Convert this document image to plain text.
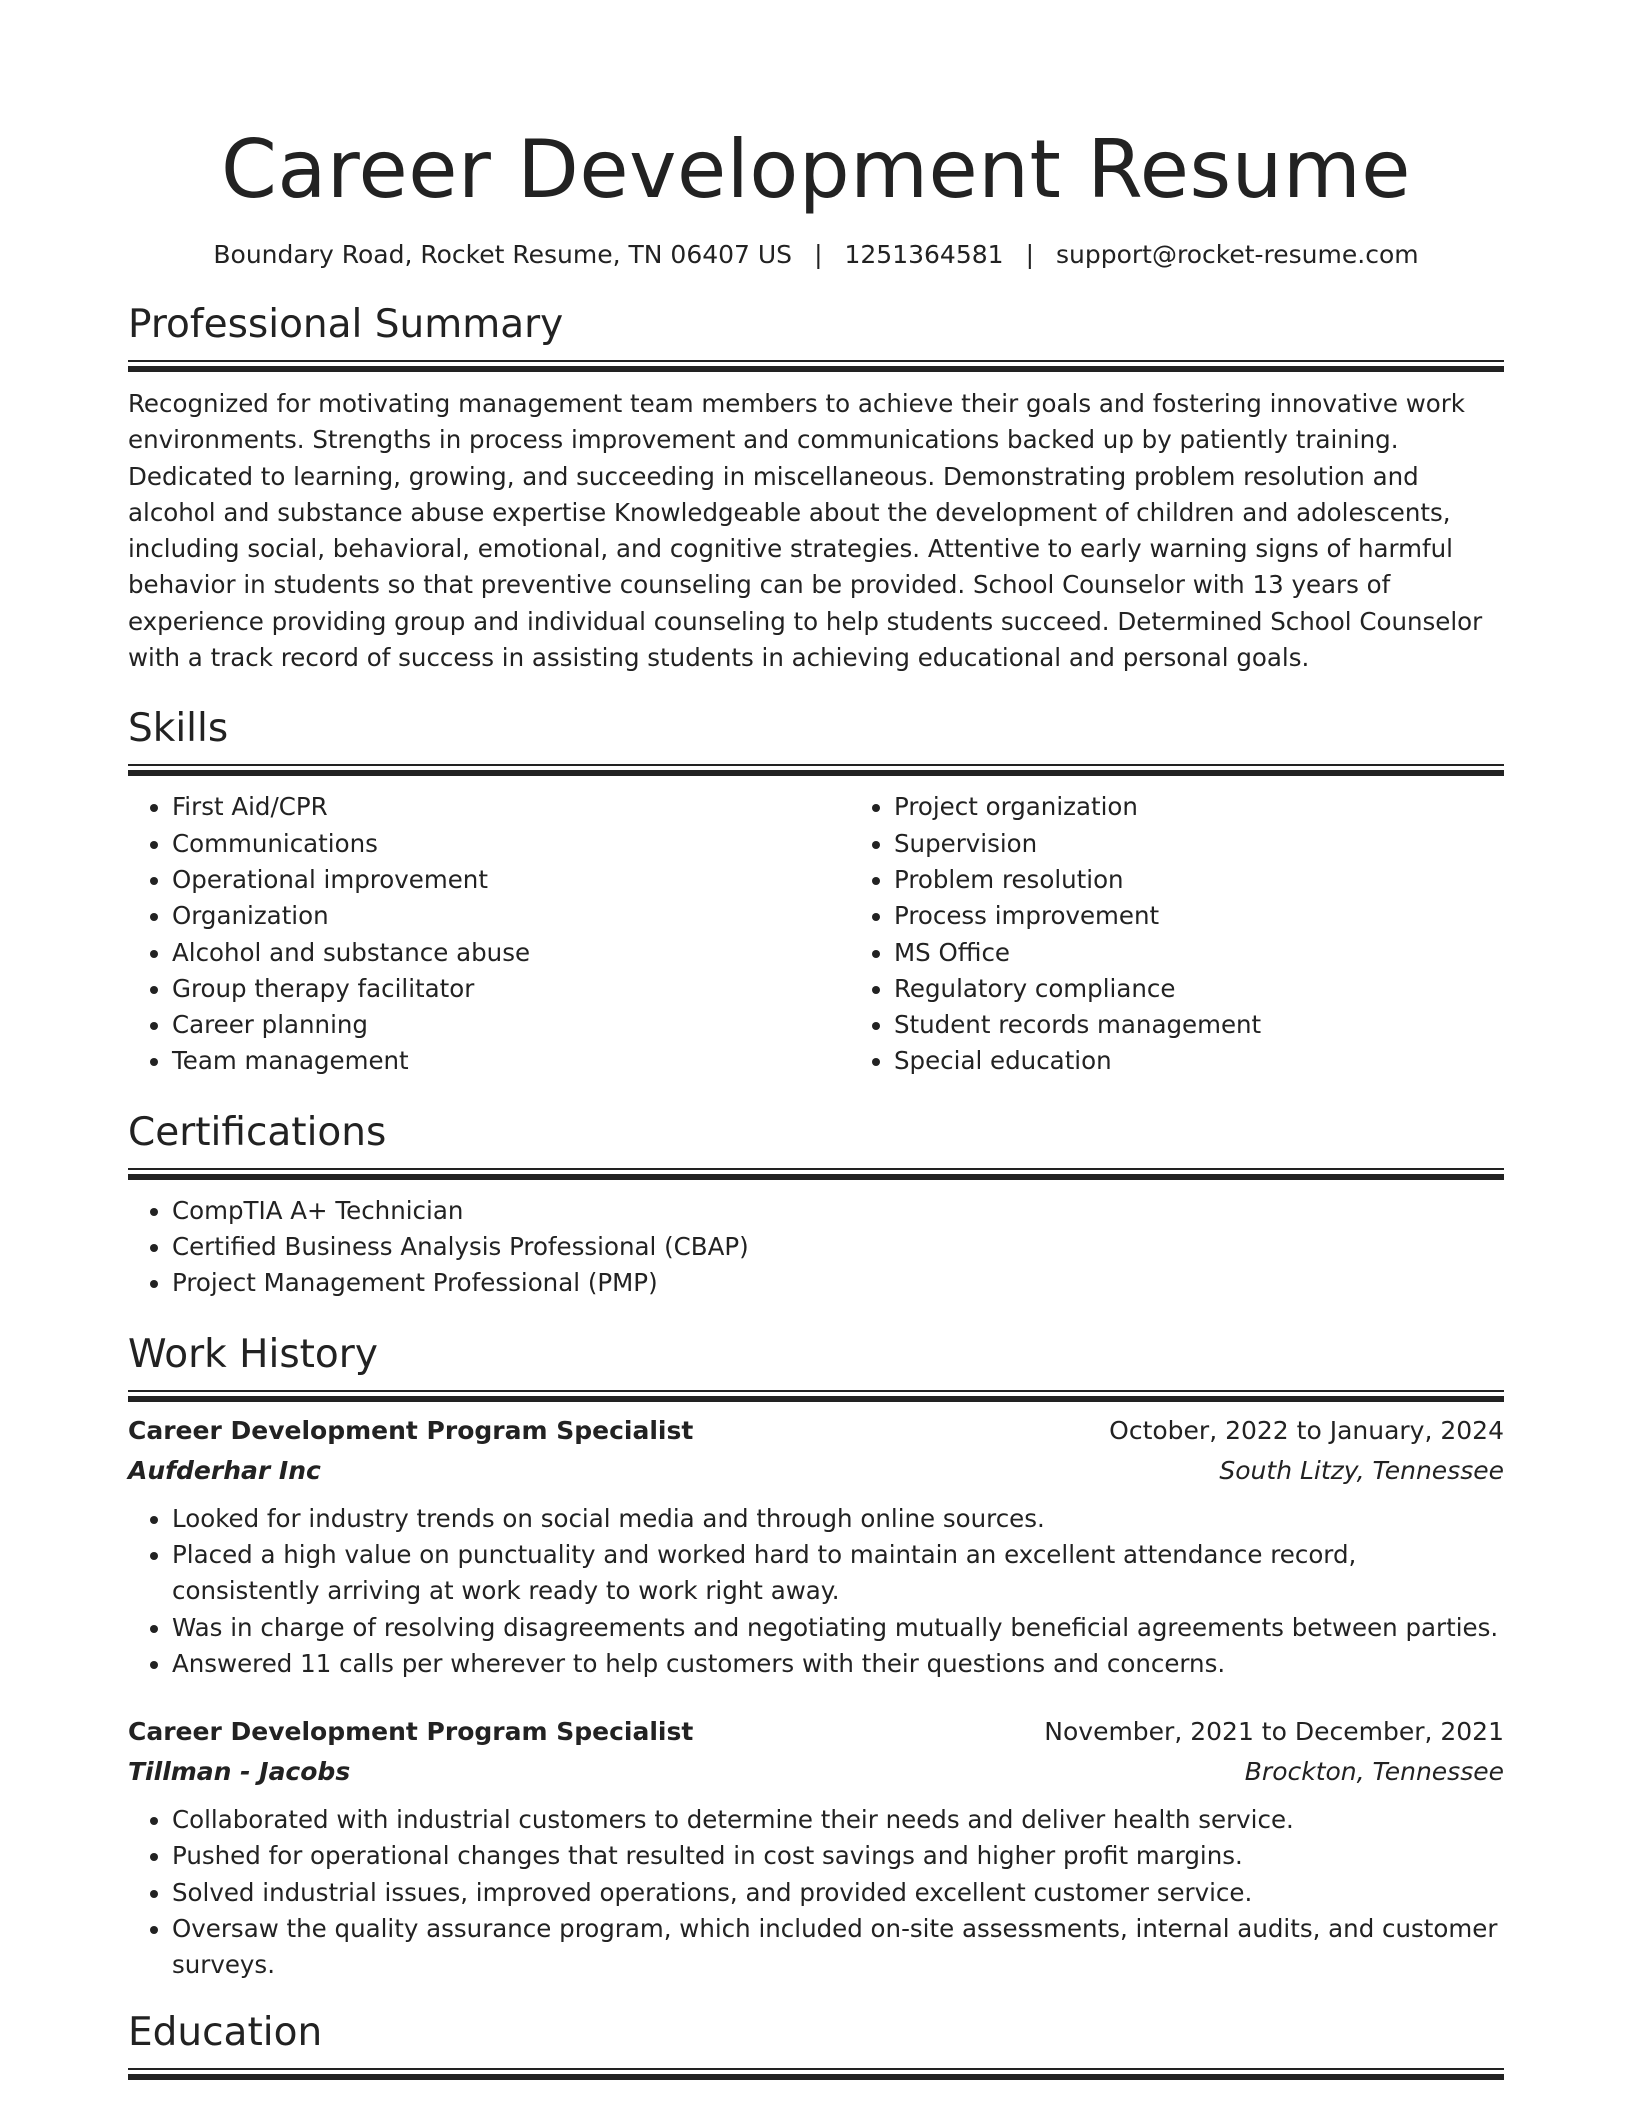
Career Development Resume
Boundary Road, Rocket Resume, TN 06407 US | 1251364581 | support@rocket-resume.com
Professional Summary
Recognized for motivating management team members to achieve their goals and fostering innovative work environments. Strengths in process improvement and communications backed up by patiently training. Dedicated to learning, growing, and succeeding in miscellaneous. Demonstrating problem resolution and alcohol and substance abuse expertise Knowledgeable about the development of children and adolescents, including social, behavioral, emotional, and cognitive strategies. Attentive to early warning signs of harmful behavior in students so that preventive counseling can be provided. School Counselor with 13 years of experience providing group and individual counseling to help students succeed. Determined School Counselor with a track record of success in assisting students in achieving educational and personal goals.
Skills
• First Aid/CPR
• Communications
• Operational improvement
• Organization
• Alcohol and substance abuse
• Group therapy facilitator
• Career planning
• Team management
• Project organization
• Supervision
• Problem resolution
• Process improvement
• MS Office
• Regulatory compliance
• Student records management
• Special education
Certifications
• CompTIA A+ Technician
• Certified Business Analysis Professional (CBAP)
• Project Management Professional (PMP)
Work History
Career Development Program Specialist	October, 2022 to January, 2024
Aufderhar Inc	South Litzy, Tennessee
• Looked for industry trends on social media and through online sources.
• Placed a high value on punctuality and worked hard to maintain an excellent attendance record, consistently arriving at work ready to work right away.
• Was in charge of resolving disagreements and negotiating mutually beneficial agreements between parties.
• Answered 11 calls per wherever to help customers with their questions and concerns.
Career Development Program Specialist	November, 2021 to December, 2021
Tillman - Jacobs	Brockton, Tennessee
• Collaborated with industrial customers to determine their needs and deliver health service.
• Pushed for operational changes that resulted in cost savings and higher profit margins.
• Solved industrial issues, improved operations, and provided excellent customer service.
• Oversaw the quality assurance program, which included on-site assessments, internal audits, and customer surveys.
Education
